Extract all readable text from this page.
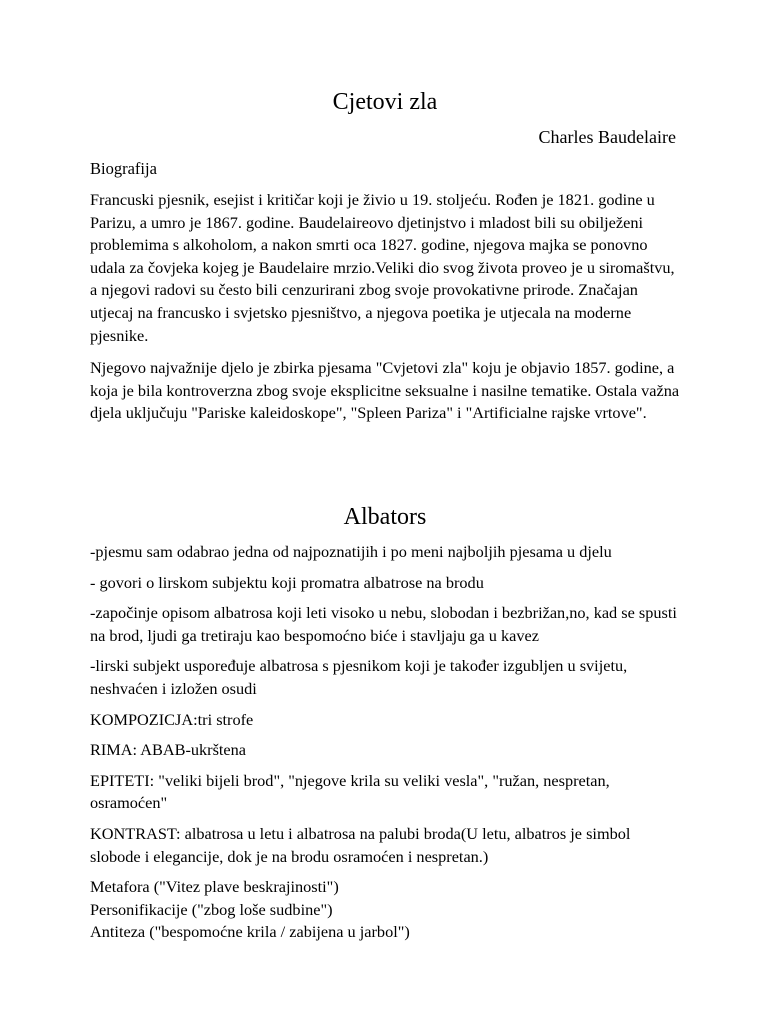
Cjetovi zla

Charles Baudelaire

Biografija

Francuski pjesnik, esejist i kritičar koji je živio u 19. stoljeću. Rođen je 1821. godine u Parizu, a umro je 1867. godine. Baudelaireovo djetinjstvo i mladost bili su obilježeni problemima s alkoholom, a nakon smrti oca 1827. godine, njegova majka se ponovno udala za čovjeka kojeg je Baudelaire mrzio.Veliki dio svog života proveo je u siromaštvu, a njegovi radovi su često bili cenzurirani zbog svoje provokativne prirode. Značajan utjecaj na francusko i svjetsko pjesništvo, a njegova poetika je utjecala na moderne pjesnike.

Njegovo najvažnije djelo je zbirka pjesama "Cvjetovi zla" koju je objavio 1857. godine, a koja je bila kontroverzna zbog svoje eksplicitne seksualne i nasilne tematike. Ostala važna djela uključuju "Pariske kaleidoskope", "Spleen Pariza" i "Artificialne rajske vrtove".

Albators

-pjesmu sam odabrao jedna od najpoznatijih i po meni najboljih pjesama u djelu

- govori o lirskom subjektu koji promatra albatrose na brodu

-započinje opisom albatrosa koji leti visoko u nebu, slobodan i bezbrižan,no, kad se spusti na brod, ljudi ga tretiraju kao bespomoćno biće i stavljaju ga u kavez

-lirski subjekt uspoređuje albatrosa s pjesnikom koji je također izgubljen u svijetu, neshvaćen i izložen osudi

KOMPOZICJA:tri strofe

RIMA: ABAB-ukrštena

EPITETI: "veliki bijeli brod", "njegove krila su veliki vesla", "ružan, nespretan, osramoćen"

KONTRAST: albatrosa u letu i albatrosa na palubi broda(U letu, albatros je simbol slobode i elegancije, dok je na brodu osramoćen i nespretan.)

Metafora ("Vitez plave beskrajinosti")
Personifikacije ("zbog loše sudbine")
Antiteza ("bespomoćne krila / zabijena u jarbol")
